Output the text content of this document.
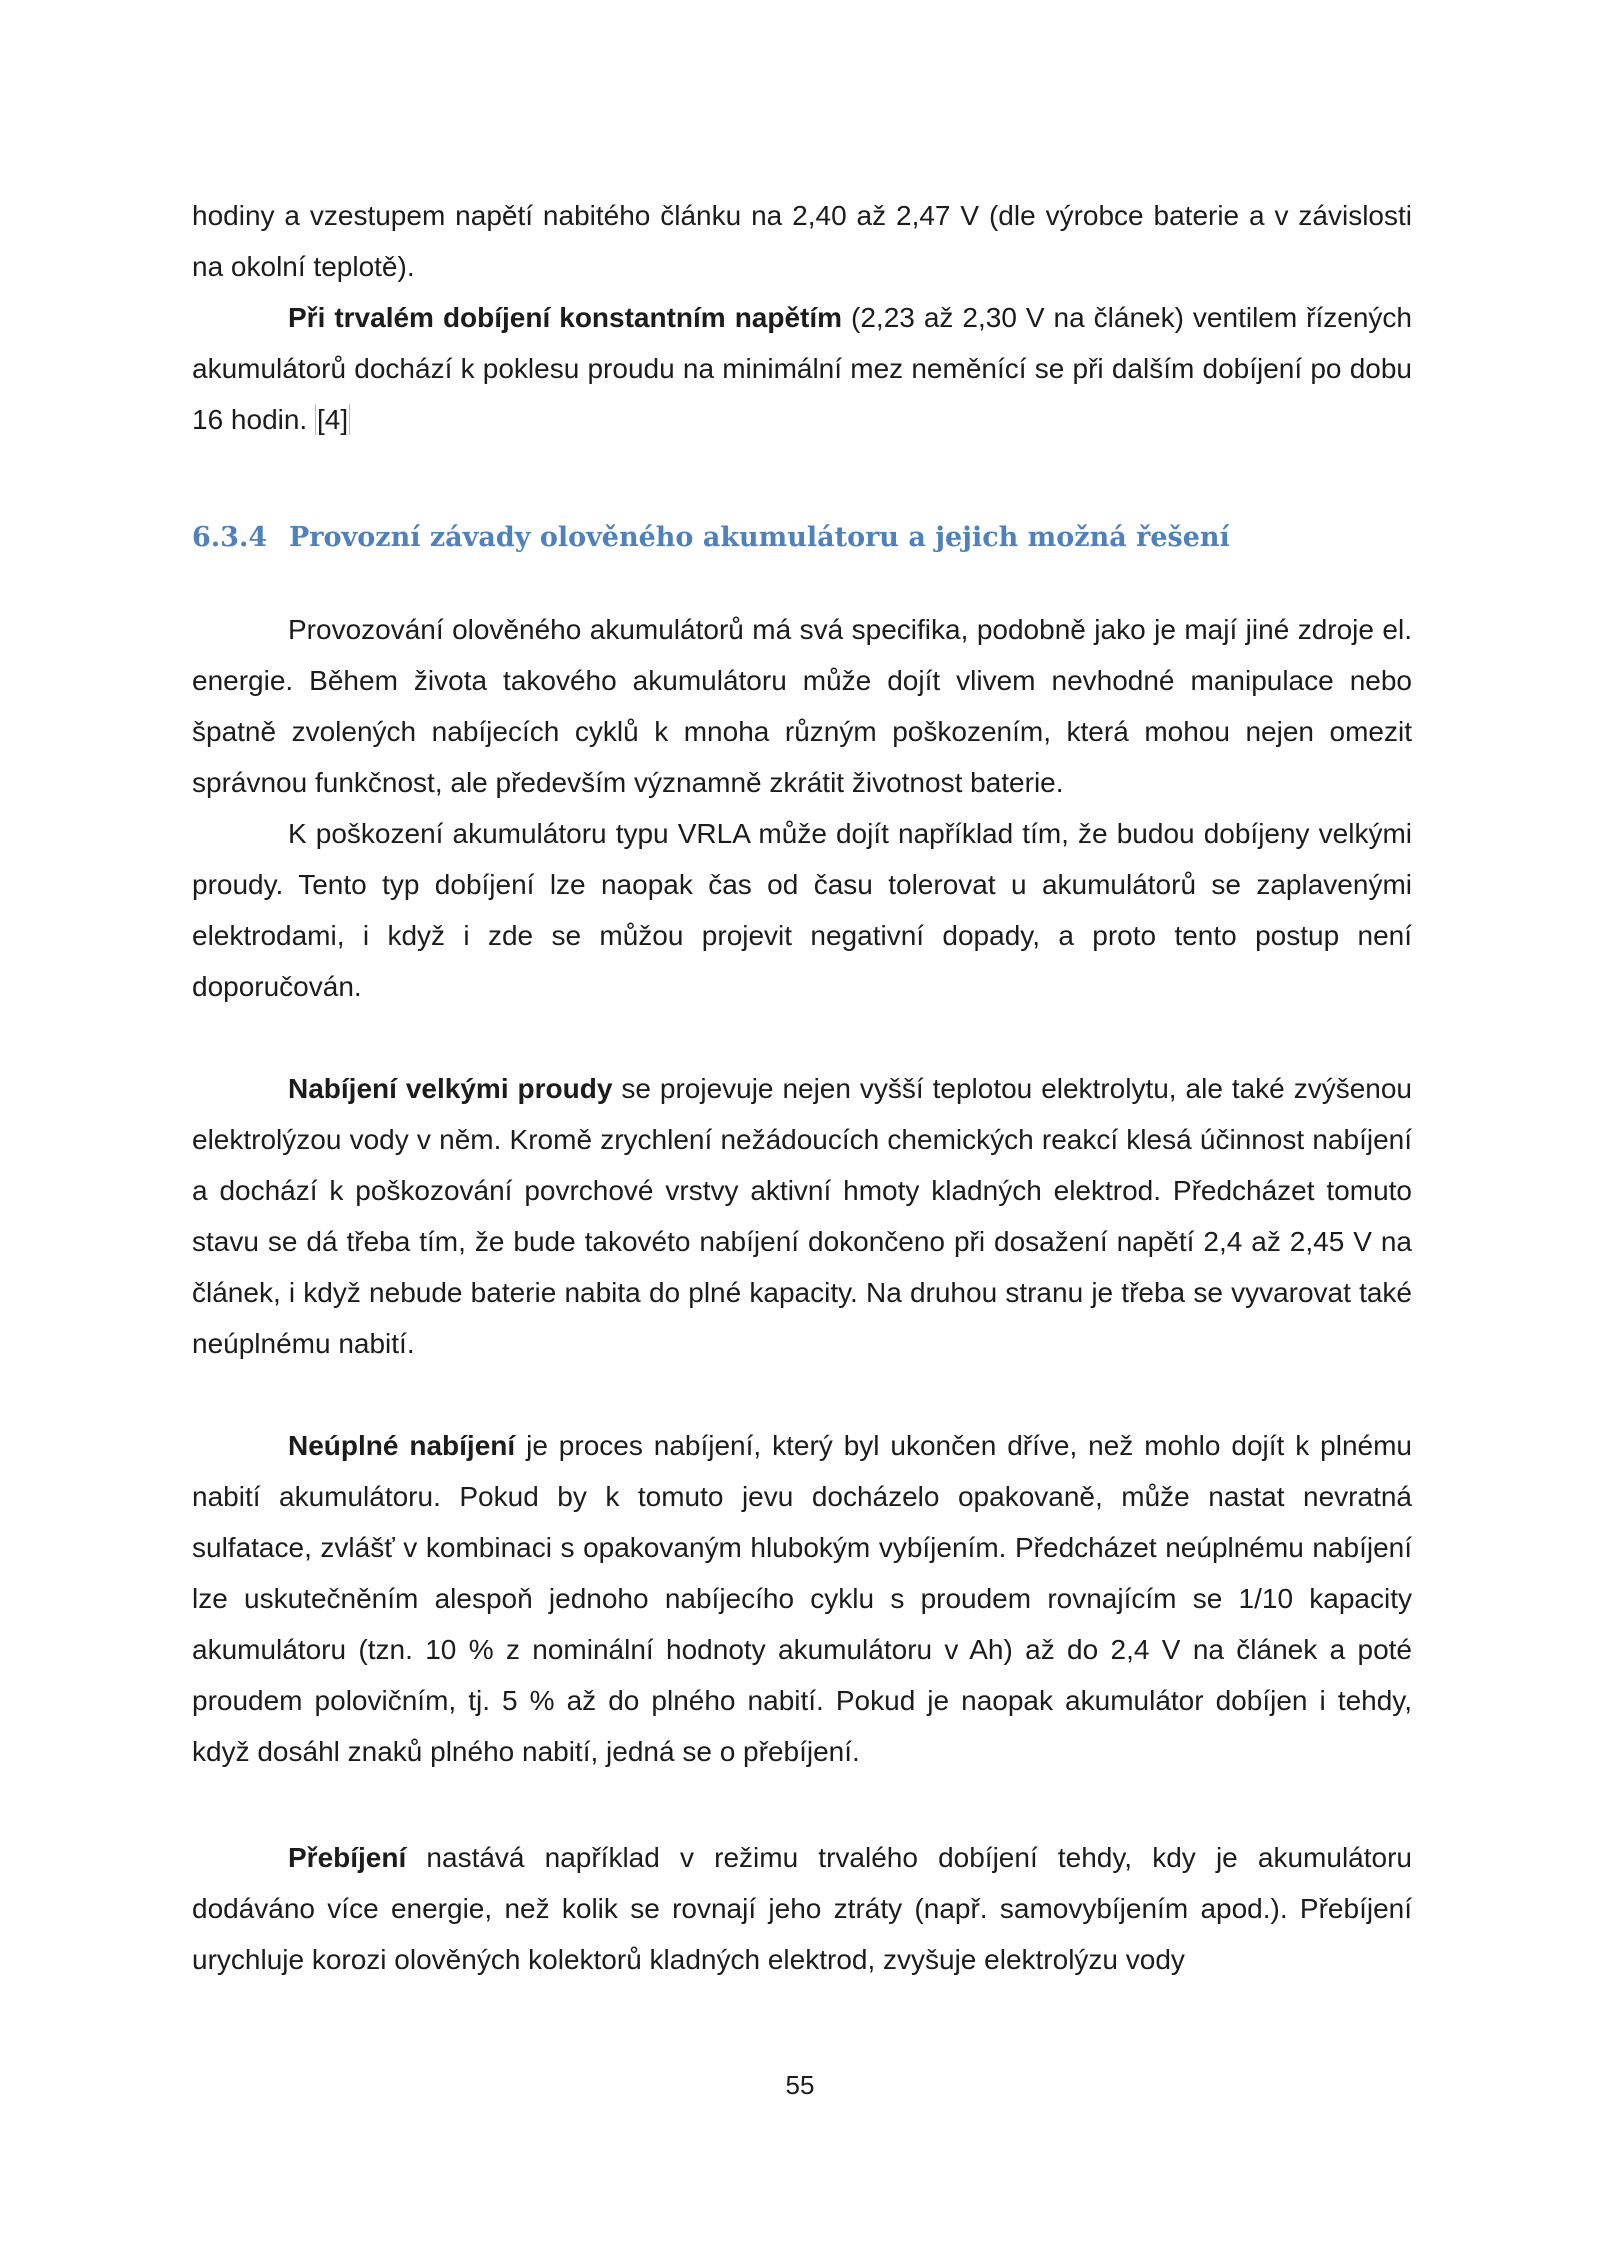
hodiny a vzestupem napětí nabitého článku na 2,40 až 2,47 V (dle výrobce baterie a v závislosti na okolní teplotě).

Při trvalém dobíjení konstantním napětím (2,23 až 2,30 V na článek) ventilem řízených akumulátorů dochází k poklesu proudu na minimální mez neměnící se při dalším dobíjení po dobu 16 hodin. [4]

6.3.4 Provozní závady olověného akumulátoru a jejich možná řešení

Provozování olověného akumulátorů má svá specifika, podobně jako je mají jiné zdroje el. energie. Během života takového akumulátoru může dojít vlivem nevhodné manipulace nebo špatně zvolených nabíjecích cyklů k mnoha různým poškozením, která mohou nejen omezit správnou funkčnost, ale především významně zkrátit životnost baterie.

K poškození akumulátoru typu VRLA může dojít například tím, že budou dobíjeny velkými proudy. Tento typ dobíjení lze naopak čas od času tolerovat u akumulátorů se zaplavenými elektrodami, i když i zde se můžou projevit negativní dopady, a proto tento postup není doporučován.

Nabíjení velkými proudy se projevuje nejen vyšší teplotou elektrolytu, ale také zvýšenou elektrolýzou vody v něm. Kromě zrychlení nežádoucích chemických reakcí klesá účinnost nabíjení a dochází k poškozování povrchové vrstvy aktivní hmoty kladných elektrod. Předcházet tomuto stavu se dá třeba tím, že bude takovéto nabíjení dokončeno při dosažení napětí 2,4 až 2,45 V na článek, i když nebude baterie nabita do plné kapacity. Na druhou stranu je třeba se vyvarovat také neúplnému nabití.

Neúplné nabíjení je proces nabíjení, který byl ukončen dříve, než mohlo dojít k plnému nabití akumulátoru. Pokud by k tomuto jevu docházelo opakovaně, může nastat nevratná sulfatace, zvlášť v kombinaci s opakovaným hlubokým vybíjením. Předcházet neúplnému nabíjení lze uskutečněním alespoň jednoho nabíjecího cyklu s proudem rovnajícím se 1/10 kapacity akumulátoru (tzn. 10 % z nominální hodnoty akumulátoru v Ah) až do 2,4 V na článek a poté proudem polovičním, tj. 5 % až do plného nabití. Pokud je naopak akumulátor dobíjen i tehdy, když dosáhl znaků plného nabití, jedná se o přebíjení.

Přebíjení nastává například v režimu trvalého dobíjení tehdy, kdy je akumulátoru dodáváno více energie, než kolik se rovnají jeho ztráty (např. samovybíjením apod.). Přebíjení urychluje korozi olověných kolektorů kladných elektrod, zvyšuje elektrolýzu vody

55
